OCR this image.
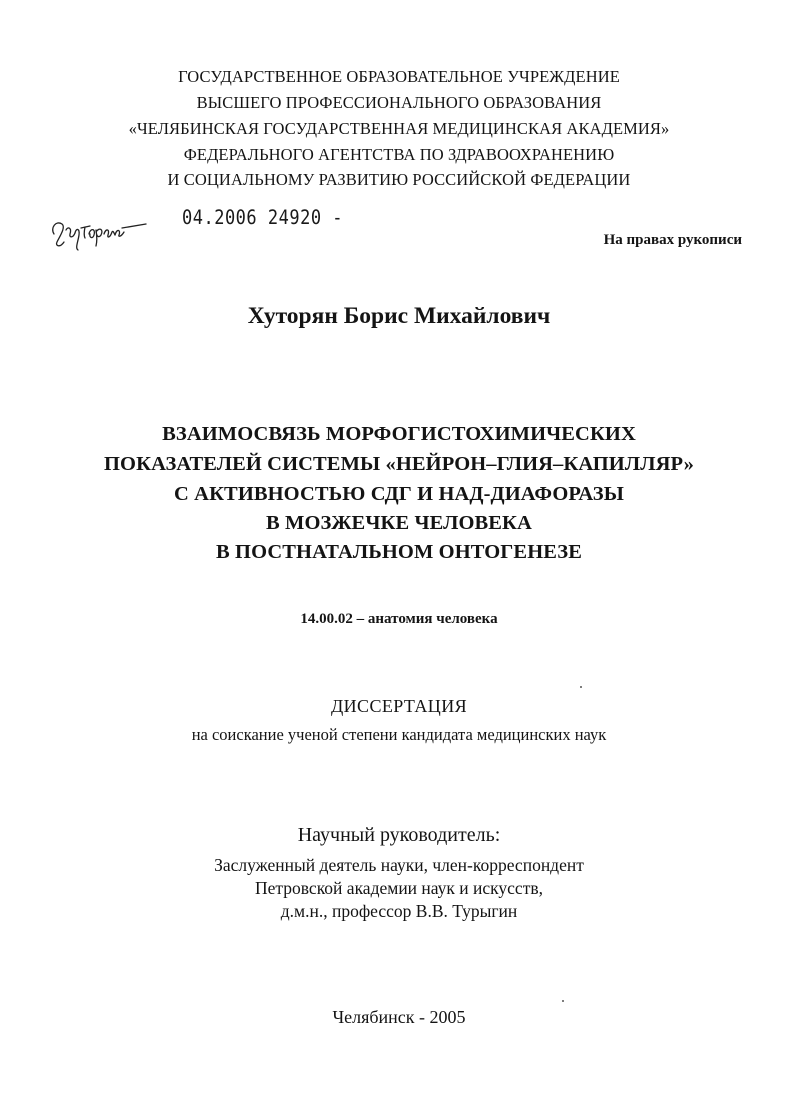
ГОСУДАРСТВЕННОЕ ОБРАЗОВАТЕЛЬНОЕ УЧРЕЖДЕНИЕ
ВЫСШЕГО ПРОФЕССИОНАЛЬНОГО ОБРАЗОВАНИЯ
«ЧЕЛЯБИНСКАЯ ГОСУДАРСТВЕННАЯ МЕДИЦИНСКАЯ АКАДЕМИЯ»
ФЕДЕРАЛЬНОГО АГЕНТСТВА ПО ЗДРАВООХРАНЕНИЮ
И СОЦИАЛЬНОМУ РАЗВИТИЮ РОССИЙСКОЙ ФЕДЕРАЦИИ
04.2006 24920 -
На правах рукописи
Хуторян Борис Михайлович
ВЗАИМОСВЯЗЬ МОРФОГИСТОХИМИЧЕСКИХ
ПОКАЗАТЕЛЕЙ СИСТЕМЫ «НЕЙРОН–ГЛИЯ–КАПИЛЛЯР»
С АКТИВНОСТЬЮ СДГ И НАД-ДИАФОРАЗЫ
В МОЗЖЕЧКЕ ЧЕЛОВЕКА
В ПОСТНАТАЛЬНОМ ОНТОГЕНЕЗЕ
14.00.02 – анатомия человека
ДИССЕРТАЦИЯ
на соискание ученой степени кандидата медицинских наук
Научный руководитель:
Заслуженный деятель науки, член-корреспондент
Петровской академии наук и искусств,
д.м.н., профессор В.В. Турыгин
Челябинск - 2005
